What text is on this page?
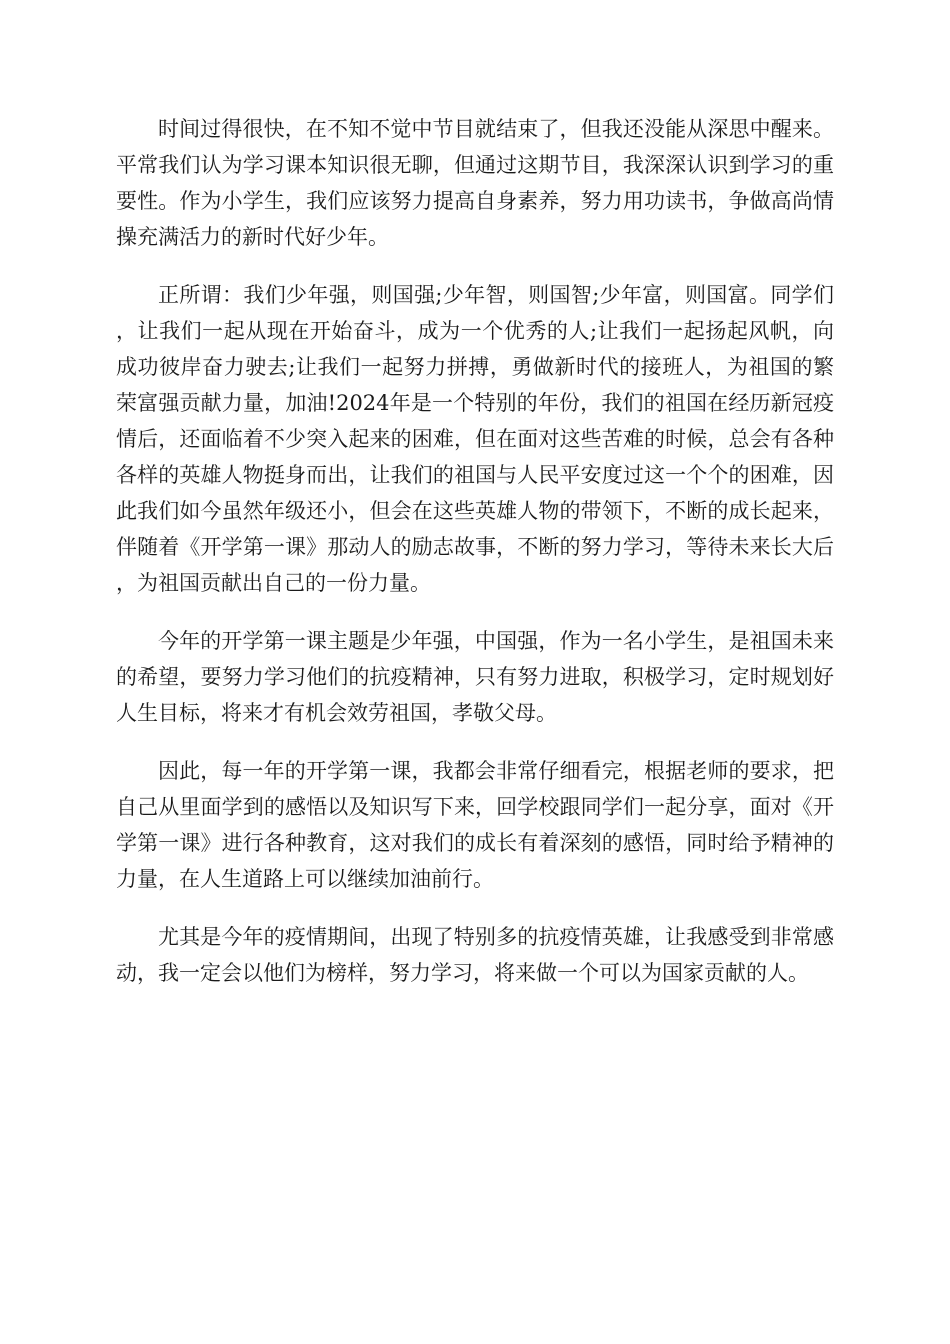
时间过得很快，在不知不觉中节目就结束了，但我还没能从深思中醒来。平常我们认为学习课本知识很无聊，但通过这期节目，我深深认识到学习的重要性。作为小学生，我们应该努力提高自身素养，努力用功读书，争做高尚情操充满活力的新时代好少年。

正所谓：我们少年强，则国强;少年智，则国智;少年富，则国富。同学们，让我们一起从现在开始奋斗，成为一个优秀的人;让我们一起扬起风帆，向成功彼岸奋力驶去;让我们一起努力拼搏，勇做新时代的接班人，为祖国的繁荣富强贡献力量，加油!2024年是一个特别的年份，我们的祖国在经历新冠疫情后，还面临着不少突入起来的困难，但在面对这些苦难的时候，总会有各种各样的英雄人物挺身而出，让我们的祖国与人民平安度过这一个个的困难，因此我们如今虽然年级还小，但会在这些英雄人物的带领下，不断的成长起来，伴随着《开学第一课》那动人的励志故事，不断的努力学习，等待未来长大后，为祖国贡献出自己的一份力量。

今年的开学第一课主题是少年强，中国强，作为一名小学生，是祖国未来的希望，要努力学习他们的抗疫精神，只有努力进取，积极学习，定时规划好人生目标，将来才有机会效劳祖国，孝敬父母。

因此，每一年的开学第一课，我都会非常仔细看完，根据老师的要求，把自己从里面学到的感悟以及知识写下来，回学校跟同学们一起分享，面对《开学第一课》进行各种教育，这对我们的成长有着深刻的感悟，同时给予精神的力量，在人生道路上可以继续加油前行。

尤其是今年的疫情期间，出现了特别多的抗疫情英雄，让我感受到非常感动，我一定会以他们为榜样，努力学习，将来做一个可以为国家贡献的人。
